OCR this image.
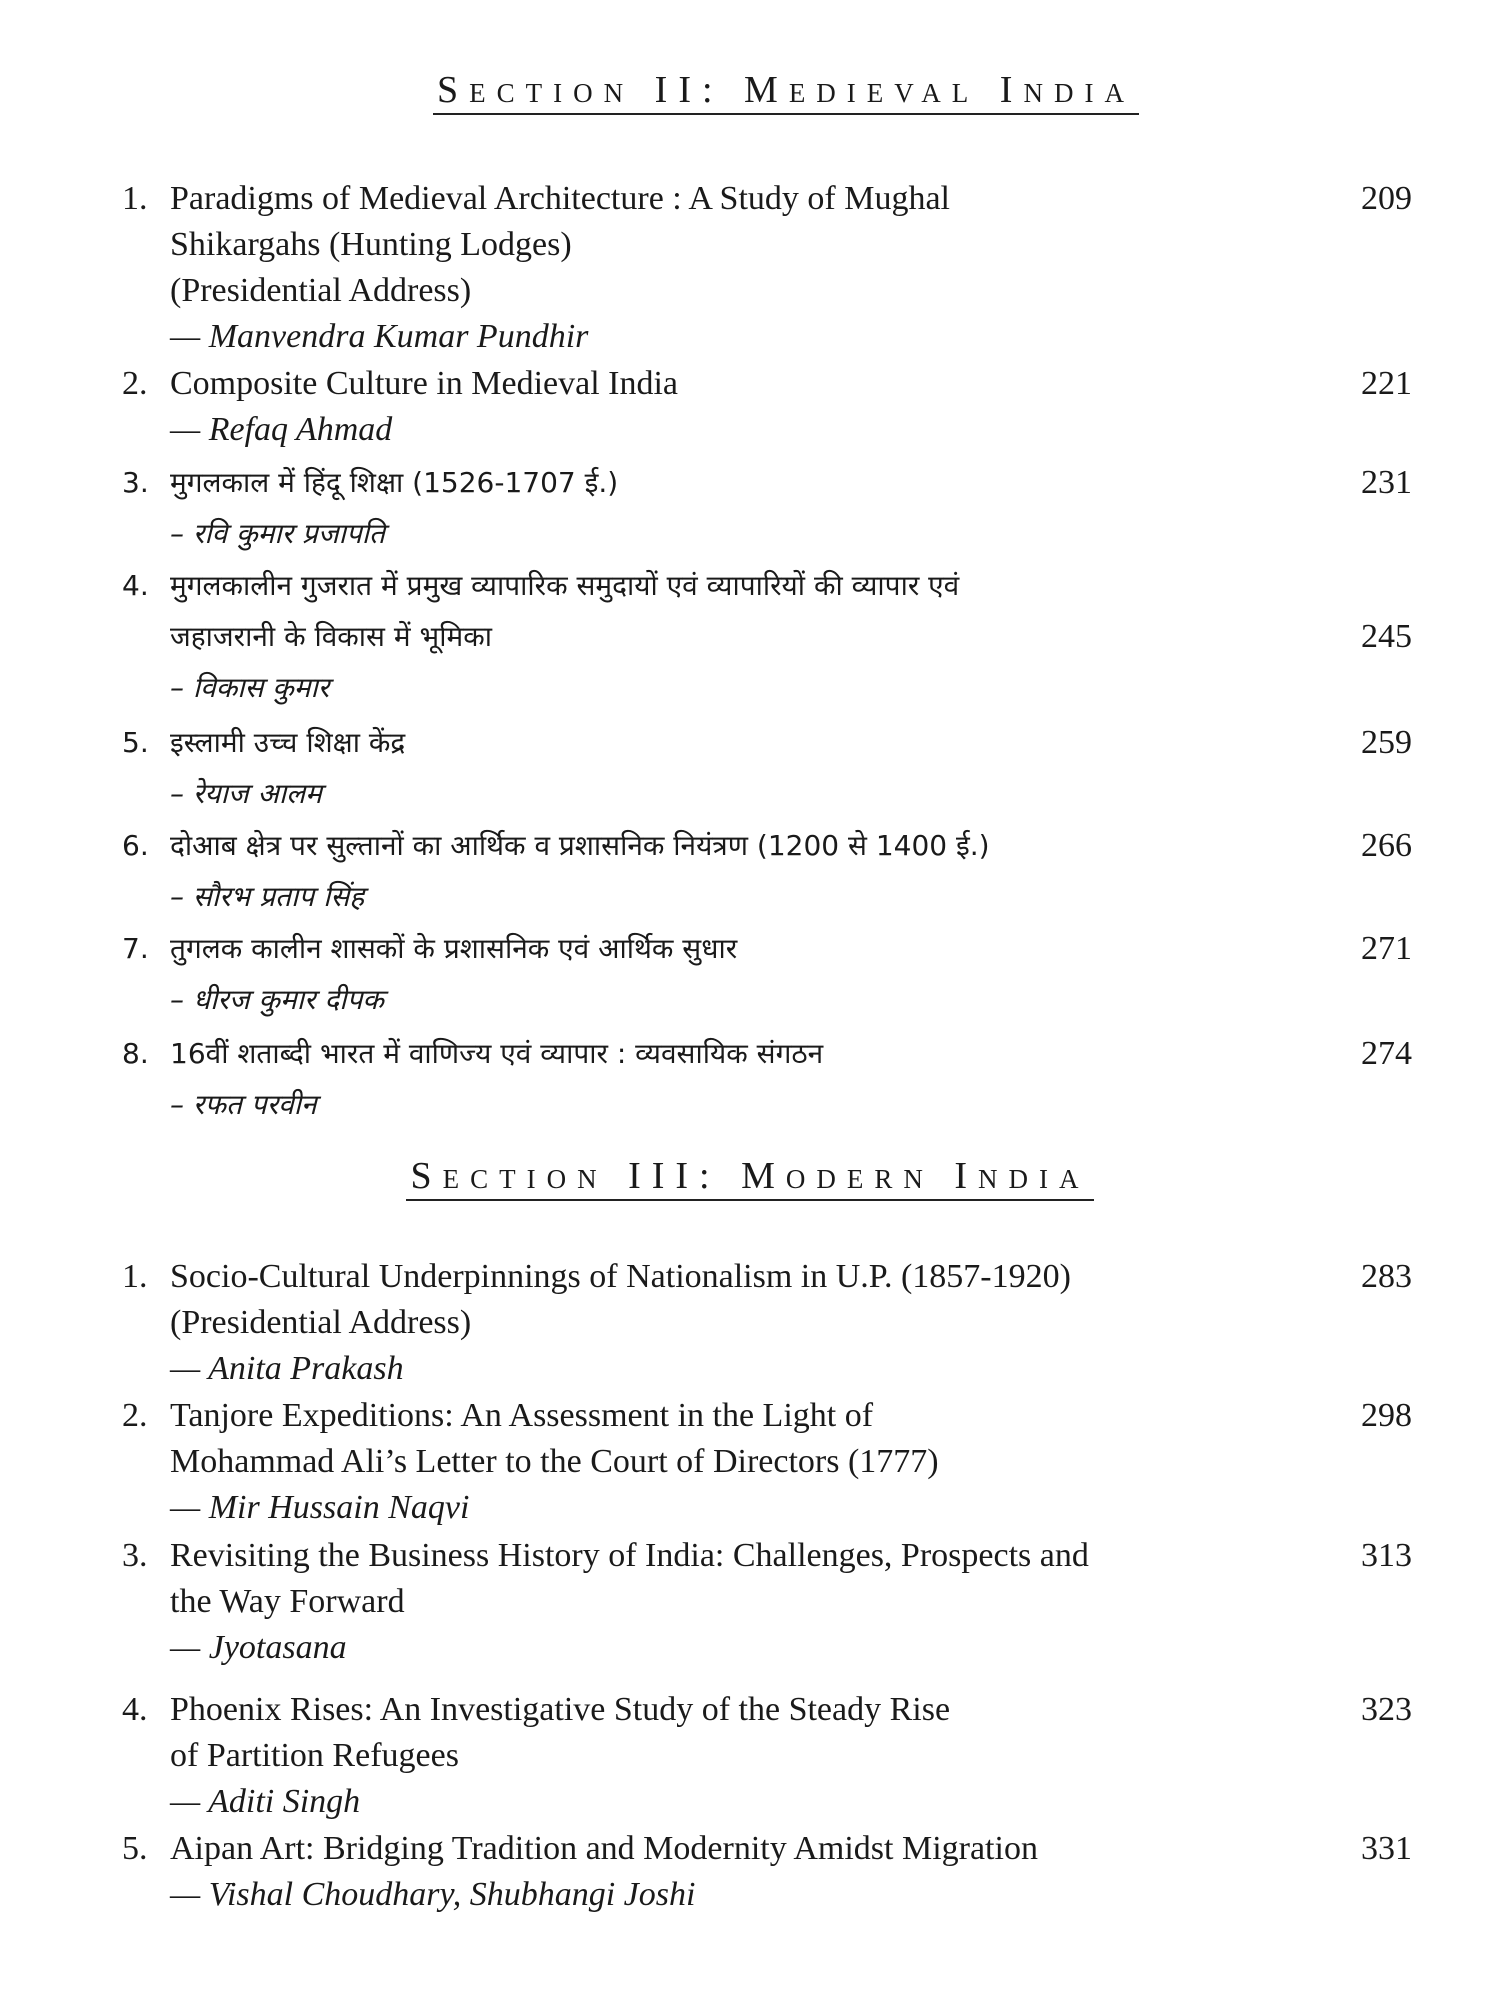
Section II: Medieval India
1. Paradigms of Medieval Architecture : A Study of Mughal	209
Shikargahs (Hunting Lodges)
(Presidential Address)
— Manvendra Kumar Pundhir
2. Composite Culture in Medieval India	221
— Refaq Ahmad
3. मुगलकाल में हिंदू शिक्षा (1526-1707 ई.)	231
– रवि कुमार प्रजापति
4. मुगलकालीन गुजरात में प्रमुख व्यापारिक समुदायों एवं व्यापारियों की व्यापार एवं
जहाजरानी के विकास में भूमिका	245
– विकास कुमार
5. इस्लामी उच्च शिक्षा केंद्र	259
– रेयाज आलम
6. दोआब क्षेत्र पर सुल्तानों का आर्थिक व प्रशासनिक नियंत्रण (1200 से 1400 ई.)	266
– सौरभ प्रताप सिंह
7. तुगलक कालीन शासकों के प्रशासनिक एवं आर्थिक सुधार	271
– धीरज कुमार दीपक
8. 16वीं शताब्दी भारत में वाणिज्य एवं व्यापार : व्यवसायिक संगठन	274
– रफत परवीन
Section III: Modern India
1. Socio-Cultural Underpinnings of Nationalism in U.P. (1857-1920)	283
(Presidential Address)
— Anita Prakash
2. Tanjore Expeditions: An Assessment in the Light of	298
Mohammad Ali’s Letter to the Court of Directors (1777)
— Mir Hussain Naqvi
3. Revisiting the Business History of India: Challenges, Prospects and	313
the Way Forward
— Jyotasana
4. Phoenix Rises: An Investigative Study of the Steady Rise	323
of Partition Refugees
— Aditi Singh
5. Aipan Art: Bridging Tradition and Modernity Amidst Migration	331
— Vishal Choudhary, Shubhangi Joshi
